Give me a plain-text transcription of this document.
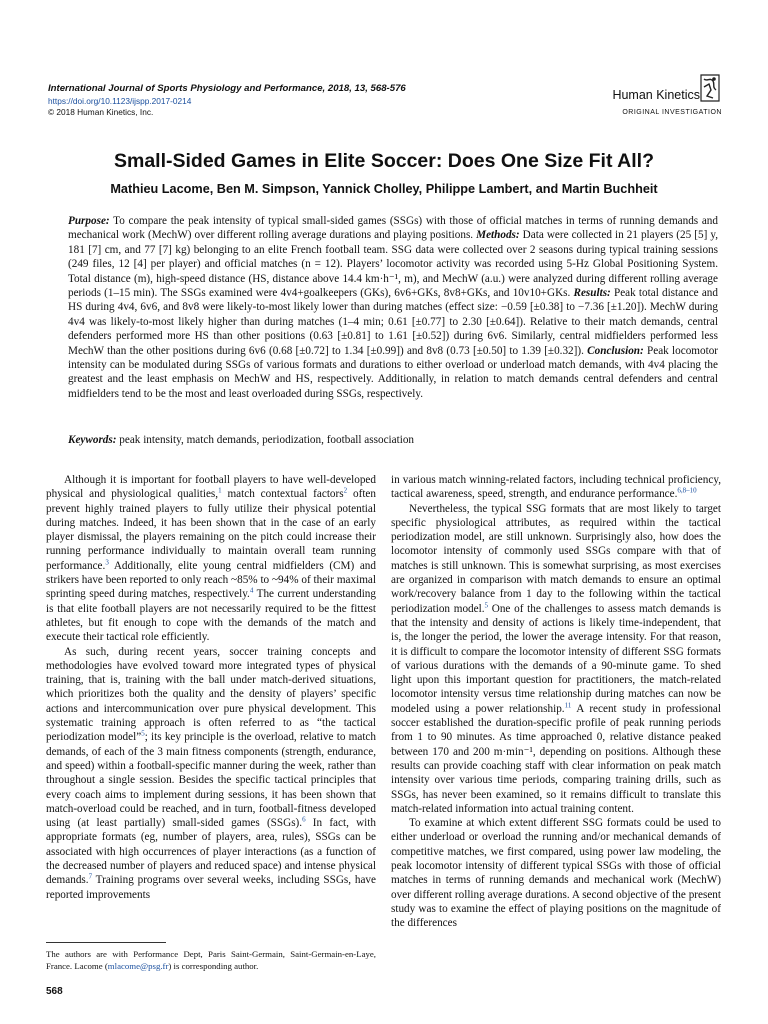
International Journal of Sports Physiology and Performance, 2018, 13, 568-576
https://doi.org/10.1123/ijspp.2017-0214
© 2018 Human Kinetics, Inc.
Human Kinetics
ORIGINAL INVESTIGATION
Small-Sided Games in Elite Soccer: Does One Size Fit All?
Mathieu Lacome, Ben M. Simpson, Yannick Cholley, Philippe Lambert, and Martin Buchheit

Purpose: To compare the peak intensity of typical small-sided games (SSGs) with those of official matches in terms of running demands and mechanical work (MechW) over different rolling average durations and playing positions. Methods: Data were collected in 21 players (25 [5] y, 181 [7] cm, and 77 [7] kg) belonging to an elite French football team. SSG data were collected over 2 seasons during typical training sessions (249 files, 12 [4] per player) and official matches (n = 12). Players’ locomotor activity was recorded using 5-Hz Global Positioning System. Total distance (m), high-speed distance (HS, distance above 14.4 km·h⁻¹, m), and MechW (a.u.) were analyzed during different rolling average periods (1–15 min). The SSGs examined were 4v4+goalkeepers (GKs), 6v6+GKs, 8v8+GKs, and 10v10+GKs. Results: Peak total distance and HS during 4v4, 6v6, and 8v8 were likely-to-most likely lower than during matches (effect size: −0.59 [±0.38] to −7.36 [±1.20]). MechW during 4v4 was likely-to-most likely higher than during matches (1–4 min; 0.61 [±0.77] to 2.30 [±0.64]). Relative to their match demands, central defenders performed more HS than other positions (0.63 [±0.81] to 1.61 [±0.52]) during 6v6. Similarly, central midfielders performed less MechW than the other positions during 6v6 (0.68 [±0.72] to 1.34 [±0.99]) and 8v8 (0.73 [±0.50] to 1.39 [±0.32]). Conclusion: Peak locomotor intensity can be modulated during SSGs of various formats and durations to either overload or underload match demands, with 4v4 placing the greatest and the least emphasis on MechW and HS, respectively. Additionally, in relation to match demands central defenders and central midfielders tend to be the most and least overloaded during SSGs, respectively.

Keywords: peak intensity, match demands, periodization, football association

Although it is important for football players to have well-developed physical and physiological qualities,$^1$ match contextual factors$^2$ often prevent highly trained players to fully utilize their physical potential during matches. Indeed, it has been shown that in the case of an early player dismissal, the players remaining on the pitch could increase their running performance individually to maintain overall team running performance.$^3$ Additionally, elite young central midfielders (CM) and strikers have been reported to only reach ~85% to ~94% of their maximal sprinting speed during matches, respectively.$^4$ The current understanding is that elite football players are not necessarily required to be the fittest athletes, but fit enough to cope with the demands of the match and execute their tactical role efficiently.

As such, during recent years, soccer training concepts and methodologies have evolved toward more integrated types of physical training, that is, training with the ball under match-derived situations, which prioritizes both the quality and the density of players’ specific actions and intercommunication over pure physical development. This systematic training approach is often referred to as “the tactical periodization model”$^5$; its key principle is the overload, relative to match demands, of each of the 3 main fitness components (strength, endurance, and speed) within a football-specific manner during the week, rather than throughout a single session. Besides the specific tactical principles that every coach aims to implement during sessions, it has been shown that match-overload could be reached, and in turn, football-fitness developed using (at least partially) small-sided games (SSGs).$^6$ In fact, with appropriate formats (eg, number of players, area, rules), SSGs can be associated with high occurrences of player interactions (as a function of the decreased number of players and reduced space) and intense physical demands.$^7$ Training programs over several weeks, including SSGs, have reported improvements

in various match winning-related factors, including technical proficiency, tactical awareness, speed, strength, and endurance performance.$^{6,8-10}$

Nevertheless, the typical SSG formats that are most likely to target specific physiological attributes, as required within the tactical periodization model, are still unknown. Surprisingly also, how does the locomotor intensity of commonly used SSGs compare with that of matches is still unknown. This is somewhat surprising, as most exercises are organized in comparison with match demands to ensure an optimal work/recovery balance from 1 day to the following within the tactical periodization model.$^5$ One of the challenges to assess match demands is that the intensity and density of actions is likely time-independent, that is, the longer the period, the lower the average intensity. For that reason, it is difficult to compare the locomotor intensity of different SSG formats of various durations with the demands of a 90-minute game. To shed light upon this important question for practitioners, the match-related locomotor intensity versus time relationship during matches can now be modeled using a power relationship.$^{11}$ A recent study in professional soccer established the duration-specific profile of peak running periods from 1 to 90 minutes. As time approached 0, relative distance peaked between 170 and 200 m·min⁻¹, depending on positions. Although these results can provide coaching staff with clear information on peak match intensity over various time periods, comparing training drills, such as SSGs, has never been examined, so it remains difficult to translate this match-related information into actual training content.

To examine at which extent different SSG formats could be used to either underload or overload the running and/or mechanical demands of competitive matches, we first compared, using power law modeling, the peak locomotor intensity of different typical SSGs with those of official matches in terms of running demands and mechanical work (MechW) over different rolling average durations. A second objective of the present study was to examine the effect of playing positions on the magnitude of the differences

The authors are with Performance Dept, Paris Saint-Germain, Saint-Germain-en-Laye, France. Lacome (mlacome@psg.fr) is corresponding author.
568
